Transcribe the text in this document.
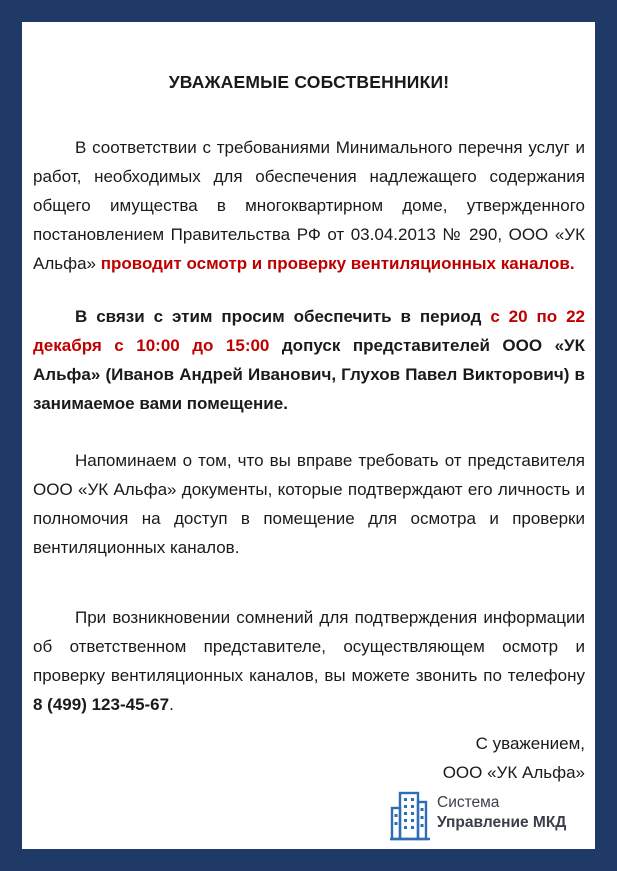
УВАЖАЕМЫЕ СОБСТВЕННИКИ!

В соответствии с требованиями Минимального перечня услуг и работ, необходимых для обеспечения надлежащего содержания общего имущества в многоквартирном доме, утвержденного постановлением Правительства РФ от 03.04.2013 № 290, ООО «УК Альфа» проводит осмотр и проверку вентиляционных каналов.

В связи с этим просим обеспечить в период с 20 по 22 декабря с 10:00 до 15:00 допуск представителей ООО «УК Альфа» (Иванов Андрей Иванович, Глухов Павел Викторович) в занимаемое вами помещение.

Напоминаем о том, что вы вправе требовать от представителя ООО «УК Альфа» документы, которые подтверждают его личность и полномочия на доступ в помещение для осмотра и проверки вентиляционных каналов.

При возникновении сомнений для подтверждения информации об ответственном представителе, осуществляющем осмотр и проверку вентиляционных каналов, вы можете звонить по телефону 8 (499) 123-45-67.

С уважением,
ООО «УК Альфа»
Система
Управление МКД
